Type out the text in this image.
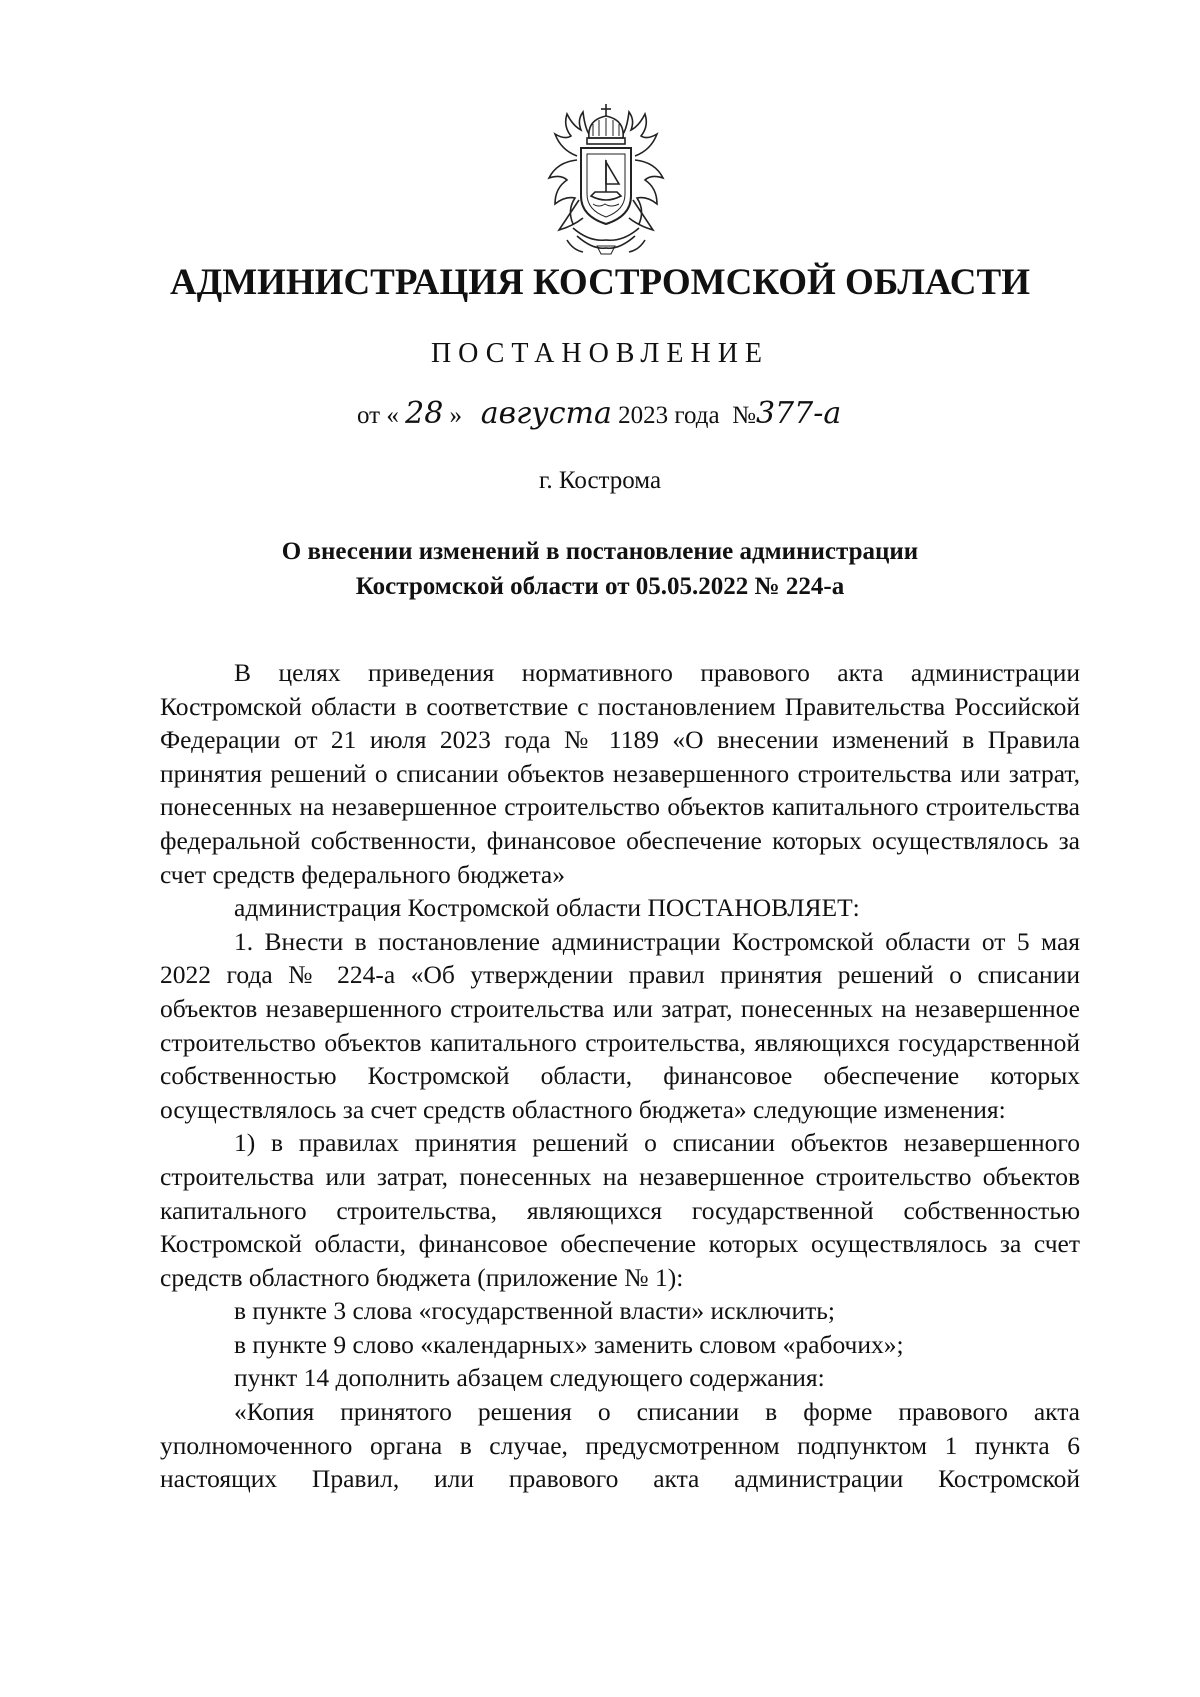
АДМИНИСТРАЦИЯ КОСТРОМСКОЙ ОБЛАСТИ
ПОСТАНОВЛЕНИЕ
от « 28 » августа 2023 года №377-а
г. Кострома
О внесении изменений в постановление администрации
Костромской области от 05.05.2022 № 224-а

В целях приведения нормативного правового акта администрации Костромской области в соответствие с постановлением Правительства Российской Федерации от 21 июля 2023 года № 1189 «О внесении изменений в Правила принятия решений о списании объектов незавершенного строительства или затрат, понесенных на незавершенное строительство объектов капитального строительства федеральной собственности, финансовое обеспечение которых осуществлялось за счет средств федерального бюджета»

администрация Костромской области ПОСТАНОВЛЯЕТ:

1. Внести в постановление администрации Костромской области от 5 мая 2022 года № 224-а «Об утверждении правил принятия решений о списании объектов незавершенного строительства или затрат, понесенных на незавершенное строительство объектов капитального строительства, являющихся государственной собственностью Костромской области, финансовое обеспечение которых осуществлялось за счет средств областного бюджета» следующие изменения:

1) в правилах принятия решений о списании объектов незавершенного строительства или затрат, понесенных на незавершенное строительство объектов капитального строительства, являющихся государственной собственностью Костромской области, финансовое обеспечение которых осуществлялось за счет средств областного бюджета (приложение № 1):

в пункте 3 слова «государственной власти» исключить;

в пункте 9 слово «календарных» заменить словом «рабочих»;

пункт 14 дополнить абзацем следующего содержания:

«Копия принятого решения о списании в форме правового акта уполномоченного органа в случае, предусмотренном подпунктом 1 пункта 6 настоящих Правил, или правового акта администрации Костромской
